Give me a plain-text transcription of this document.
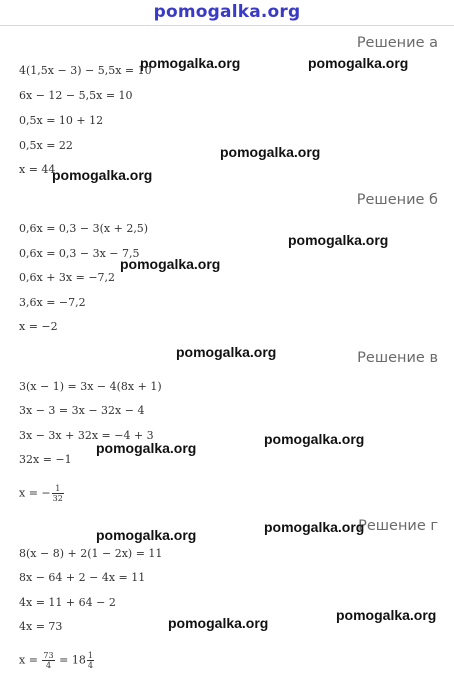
pomogalka.org
Решение а
4(1,5x − 3) − 5,5x = 10
6x − 12 − 5,5x = 10
0,5x = 10 + 12
0,5x = 22
x = 44
Решение б
0,6x = 0,3 − 3(x + 2,5)
0,6x = 0,3 − 3x − 7,5
0,6x + 3x = −7,2
3,6x = −7,2
x = −2
Решение в
3(x − 1) = 3x − 4(8x + 1)
3x − 3 = 3x − 32x − 4
3x − 3x + 32x = −4 + 3
32x = −1
x = − $\frac{1}{32}$
Решение г
8(x − 8) + 2(1 − 2x) = 11
8x − 64 + 2 − 4x = 11
4x = 11 + 64 − 2
4x = 73
$x = \frac{73}{4} = 18 \frac{1}{4}$
pomogalka.org	pomogalka.org
pomogalka.org
pomogalka.org
pomogalka.org
pomogalka.org
pomogalka.org
pomogalka.org
pomogalka.org
pomogalka.org
pomogalka.org
pomogalka.org
pomogalka.org
